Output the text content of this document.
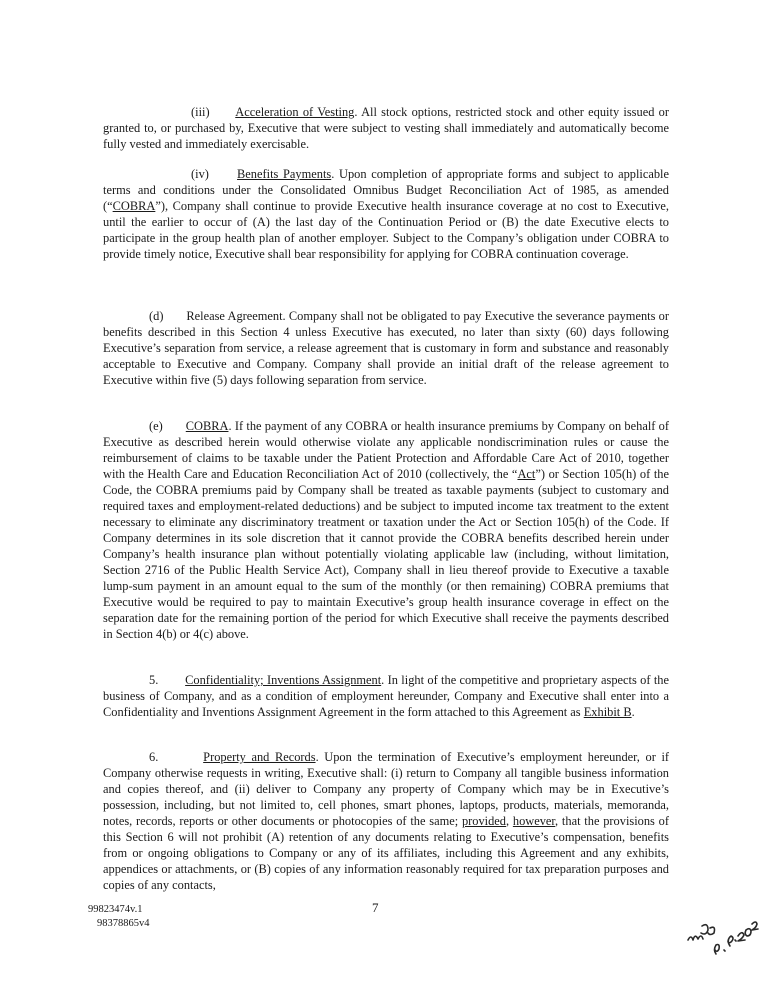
(iii) Acceleration of Vesting. All stock options, restricted stock and other equity issued or granted to, or purchased by, Executive that were subject to vesting shall immediately and automatically become fully vested and immediately exercisable.

(iv) Benefits Payments. Upon completion of appropriate forms and subject to applicable terms and conditions under the Consolidated Omnibus Budget Reconciliation Act of 1985, as amended (“COBRA”), Company shall continue to provide Executive health insurance coverage at no cost to Executive, until the earlier to occur of (A) the last day of the Continuation Period or (B) the date Executive elects to participate in the group health plan of another employer. Subject to the Company’s obligation under COBRA to provide timely notice, Executive shall bear responsibility for applying for COBRA continuation coverage.

(d) Release Agreement. Company shall not be obligated to pay Executive the severance payments or benefits described in this Section 4 unless Executive has executed, no later than sixty (60) days following Executive’s separation from service, a release agreement that is customary in form and substance and reasonably acceptable to Executive and Company. Company shall provide an initial draft of the release agreement to Executive within five (5) days following separation from service.

(e) COBRA. If the payment of any COBRA or health insurance premiums by Company on behalf of Executive as described herein would otherwise violate any applicable nondiscrimination rules or cause the reimbursement of claims to be taxable under the Patient Protection and Affordable Care Act of 2010, together with the Health Care and Education Reconciliation Act of 2010 (collectively, the “Act”) or Section 105(h) of the Code, the COBRA premiums paid by Company shall be treated as taxable payments (subject to customary and required taxes and employment-related deductions) and be subject to imputed income tax treatment to the extent necessary to eliminate any discriminatory treatment or taxation under the Act or Section 105(h) of the Code. If Company determines in its sole discretion that it cannot provide the COBRA benefits described herein under Company’s health insurance plan without potentially violating applicable law (including, without limitation, Section 2716 of the Public Health Service Act), Company shall in lieu thereof provide to Executive a taxable lump-sum payment in an amount equal to the sum of the monthly (or then remaining) COBRA premiums that Executive would be required to pay to maintain Executive’s group health insurance coverage in effect on the separation date for the remaining portion of the period for which Executive shall receive the payments described in Section 4(b) or 4(c) above.

5. Confidentiality; Inventions Assignment. In light of the competitive and proprietary aspects of the business of Company, and as a condition of employment hereunder, Company and Executive shall enter into a Confidentiality and Inventions Assignment Agreement in the form attached to this Agreement as Exhibit B.

6.	Property and Records. Upon the termination of Executive’s employment hereunder, or if Company otherwise requests in writing, Executive shall: (i) return to Company all tangible business information and copies thereof, and (ii) deliver to Company any property of Company which may be in Executive’s possession, including, but not limited to, cell phones, smart phones, laptops, products, materials, memoranda, notes, records, reports or other documents or photocopies of the same; provided, however, that the provisions of this Section 6 will not prohibit (A) retention of any documents relating to Executive’s compensation, benefits from or ongoing obligations to Company or any of its affiliates, including this Agreement and any exhibits, appendices or attachments, or (B) copies of any information reasonably required for tax preparation purposes and copies of any contacts,

99823474v.1
98378865v4
7
